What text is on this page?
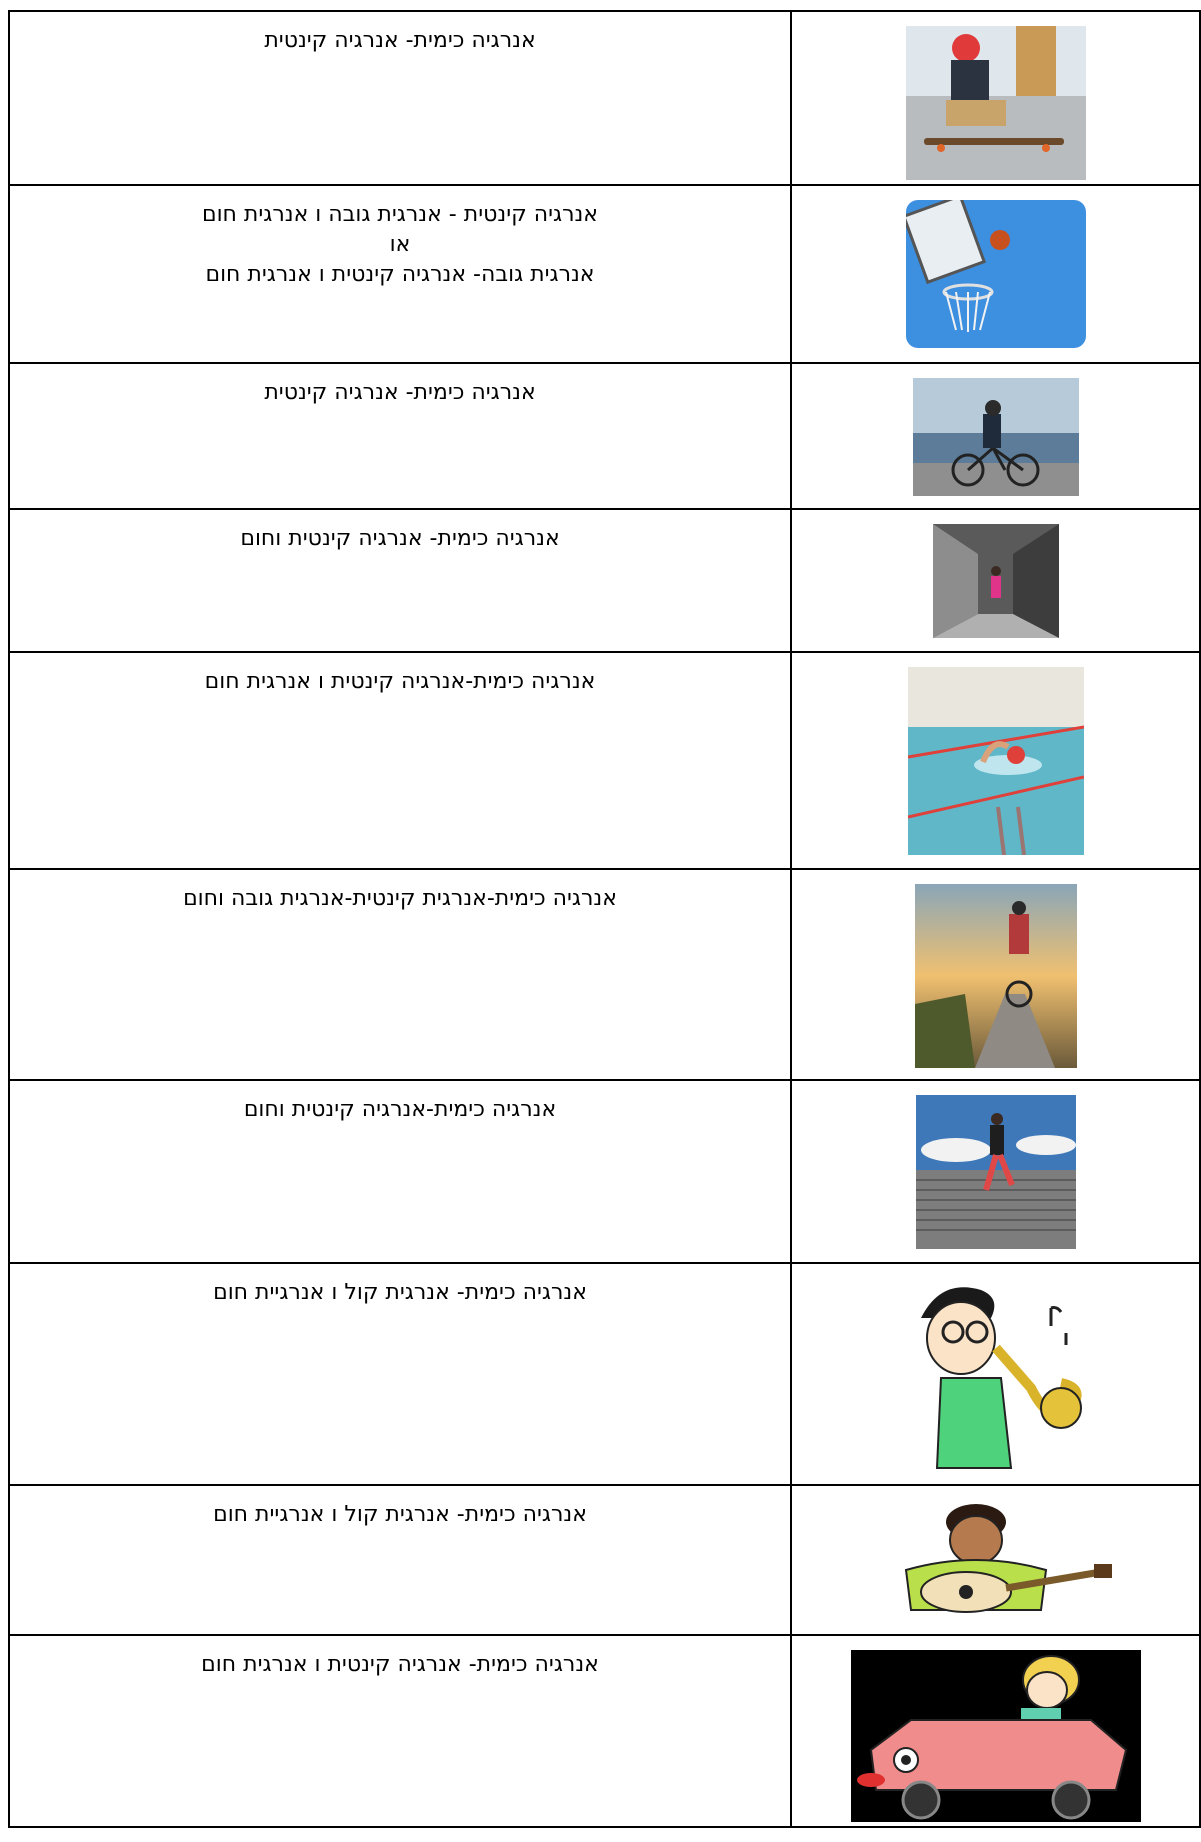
אנרגיה כימית- אנרגיה קינטית

אנרגיה קינטית - אנרגית גובה ו אנרגית חום
או
אנרגית גובה- אנרגיה קינטית ו אנרגית חום

אנרגיה כימית- אנרגיה קינטית

אנרגיה כימית- אנרגיה קינטית וחום

אנרגיה כימית-אנרגיה קינטית ו אנרגית חום

אנרגיה כימית-אנרגית קינטית-אנרגית גובה וחום

אנרגיה כימית-אנרגיה קינטית וחום

אנרגיה כימית- אנרגית קול ו אנרגיית חום

אנרגיה כימית- אנרגית קול ו אנרגיית חום

אנרגיה כימית- אנרגיה קינטית ו אנרגית חום
